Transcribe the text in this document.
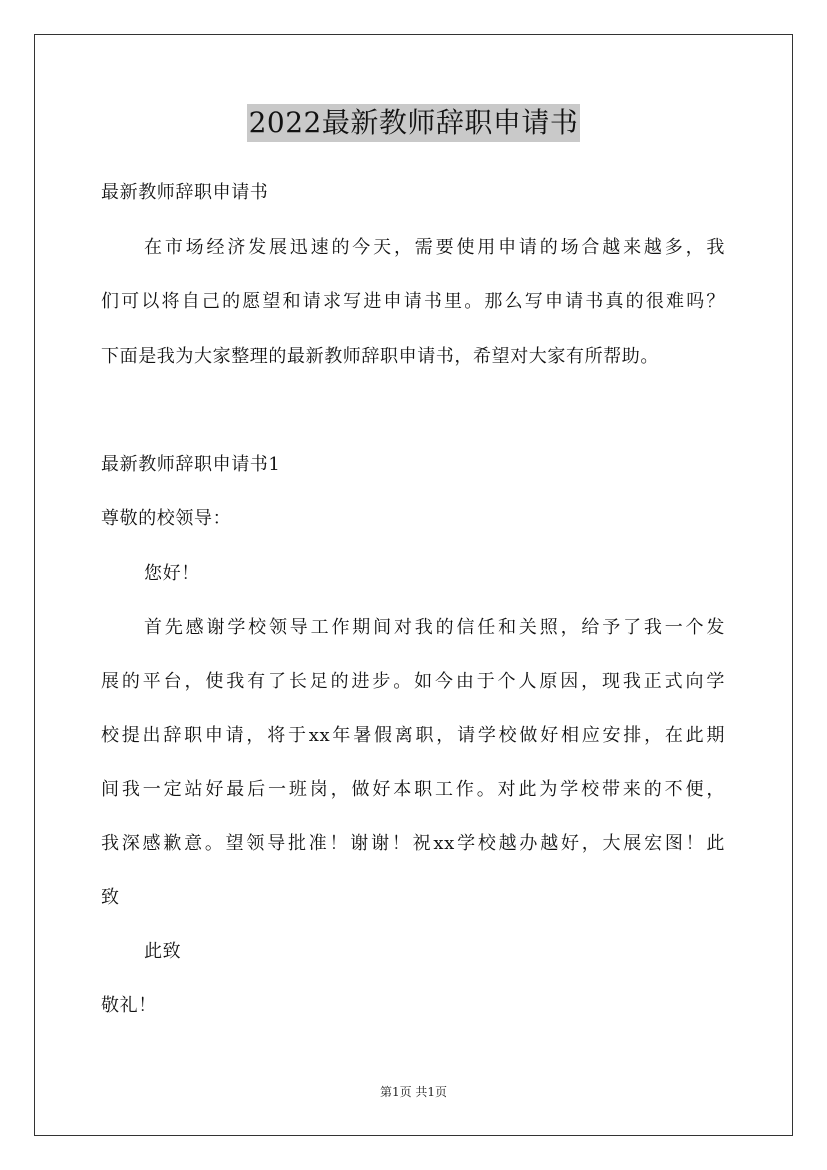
2022最新教师辞职申请书
最新教师辞职申请书
在市场经济发展迅速的今天，需要使用申请的场合越来越多，我
们可以将自己的愿望和请求写进申请书里。那么写申请书真的很难吗？
下面是我为大家整理的最新教师辞职申请书，希望对大家有所帮助。
最新教师辞职申请书1
尊敬的校领导：
您好！
首先感谢学校领导工作期间对我的信任和关照，给予了我一个发
展的平台，使我有了长足的进步。如今由于个人原因，现我正式向学
校提出辞职申请，将于xx年暑假离职，请学校做好相应安排，在此期
间我一定站好最后一班岗，做好本职工作。对此为学校带来的不便，
我深感歉意。望领导批准！谢谢！祝xx学校越办越好，大展宏图！此
致
此致
敬礼！
第1页 共1页
